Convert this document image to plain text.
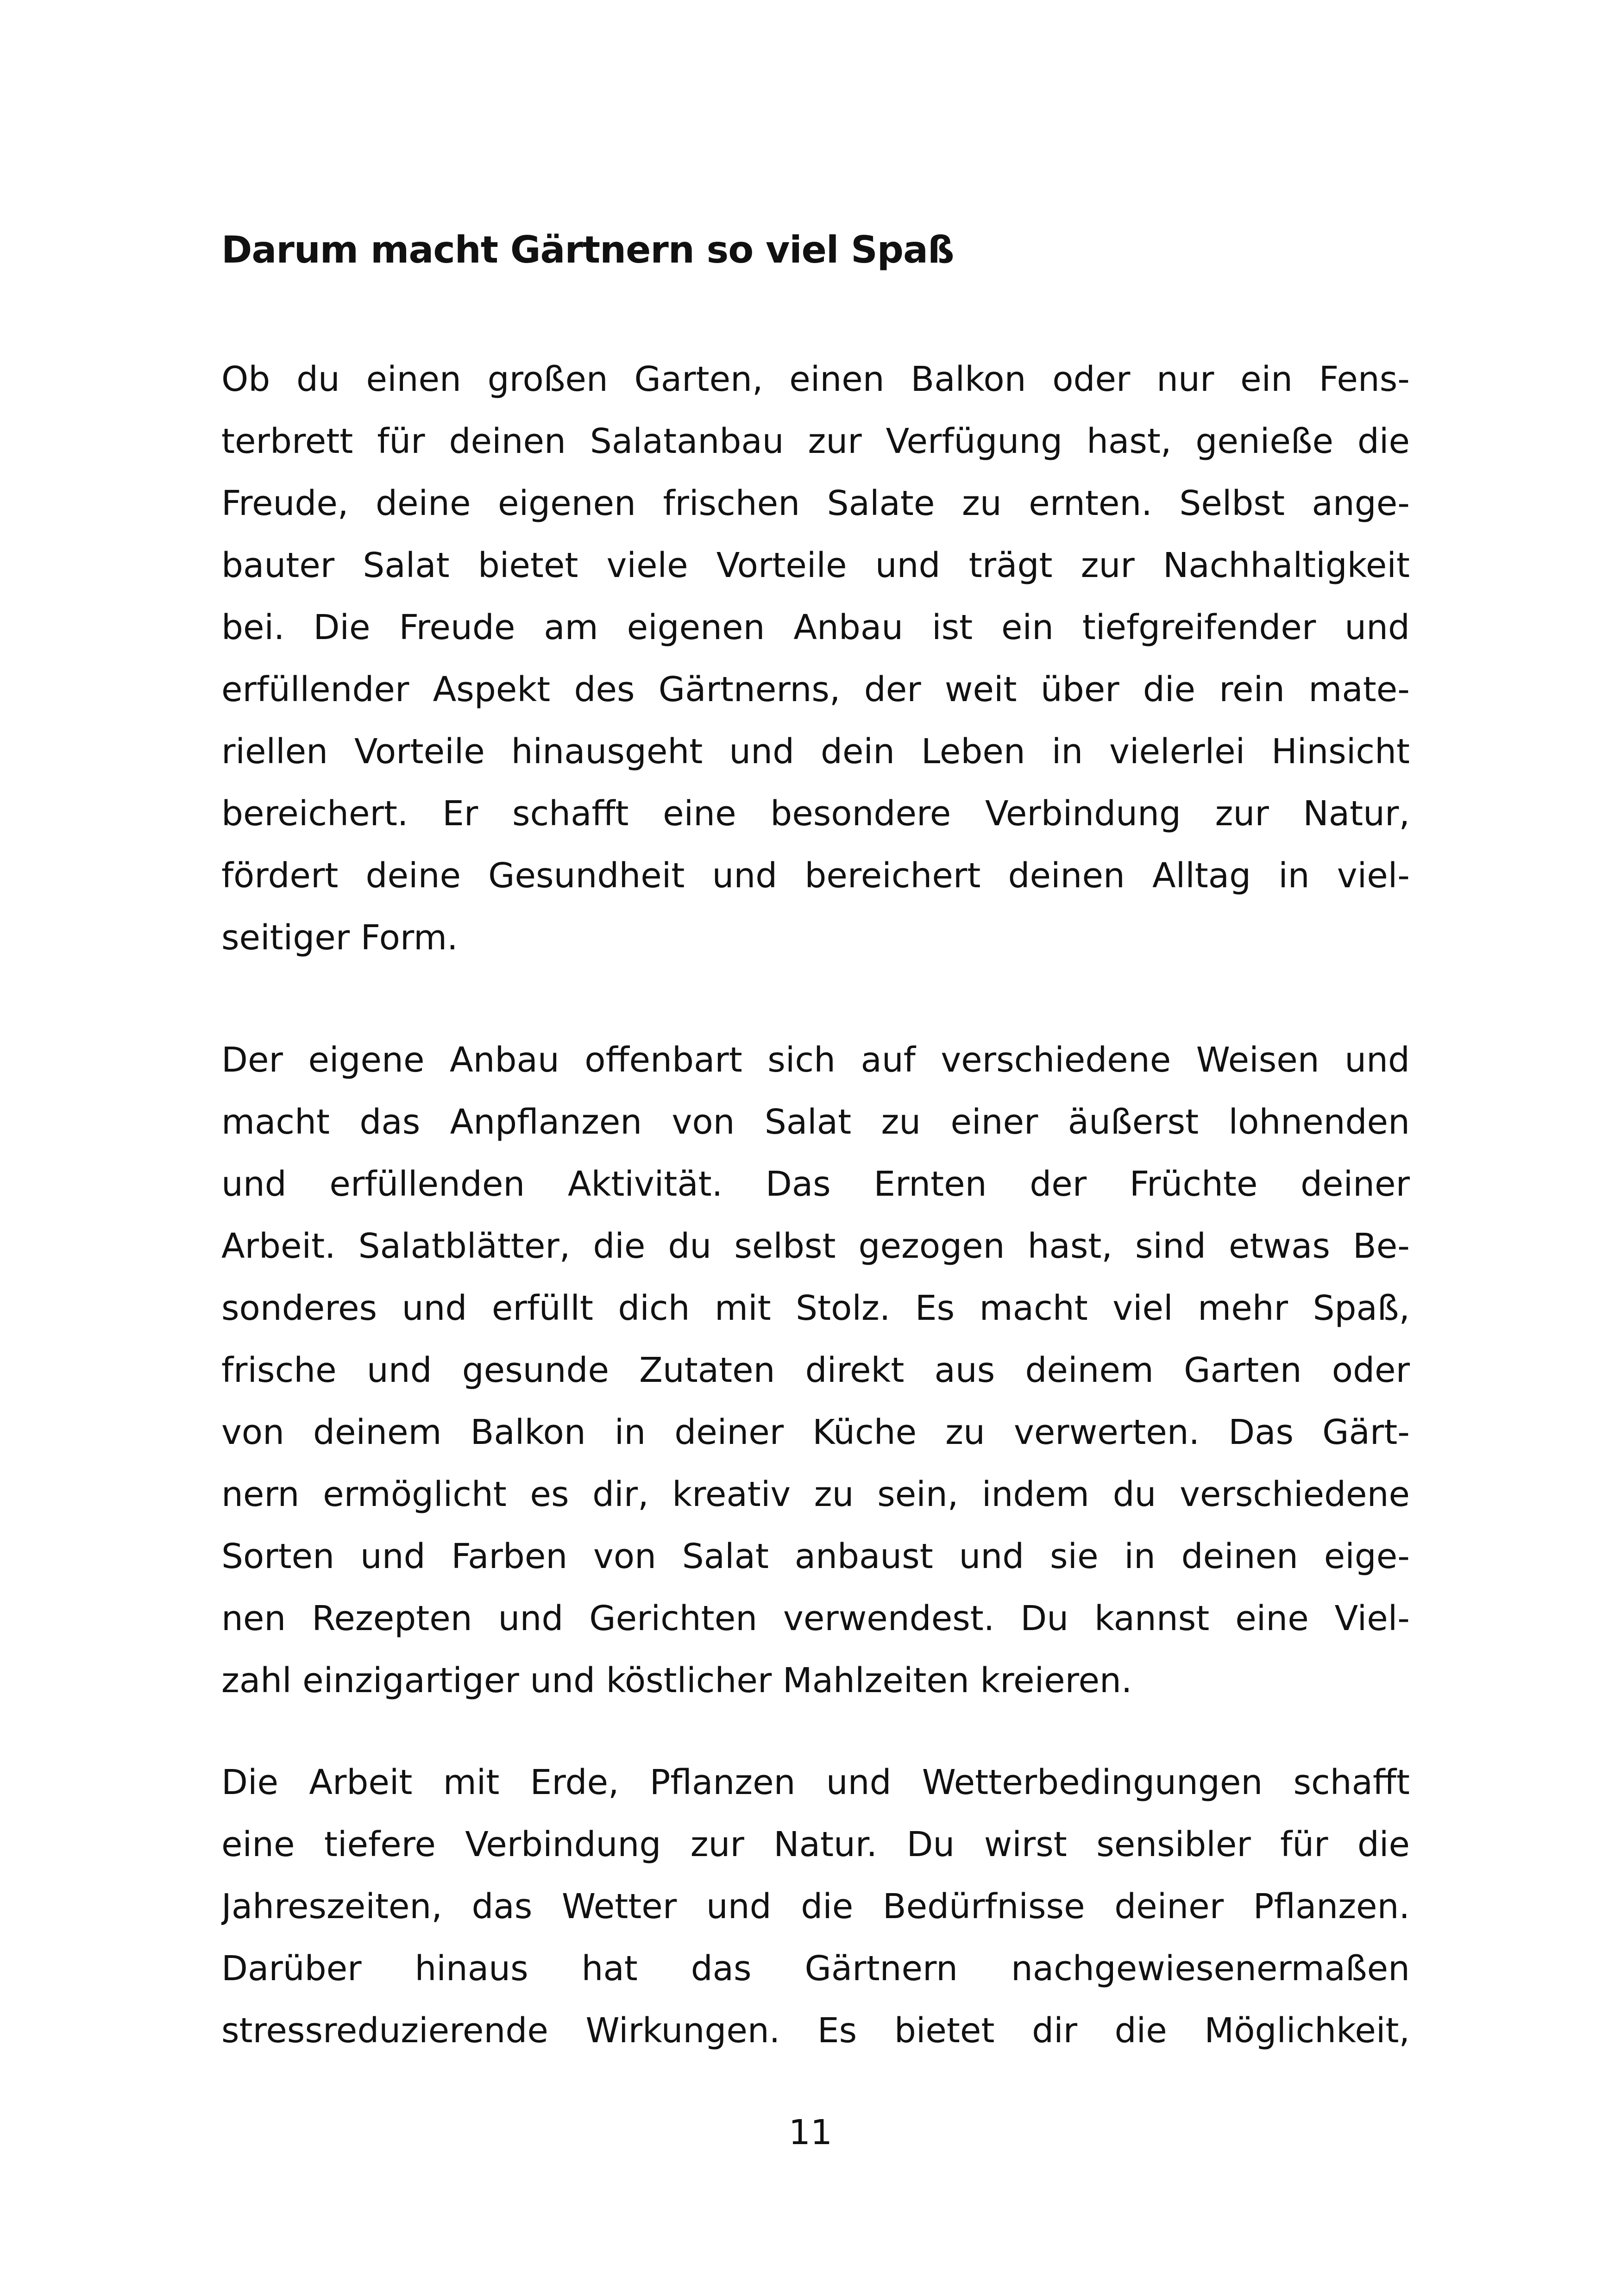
Darum macht Gärtnern so viel Spaß
Ob du einen großen Garten, einen Balkon oder nur ein Fens-
terbrett für deinen Salatanbau zur Verfügung hast, genieße die
Freude, deine eigenen frischen Salate zu ernten. Selbst ange-
bauter Salat bietet viele Vorteile und trägt zur Nachhaltigkeit
bei. Die Freude am eigenen Anbau ist ein tiefgreifender und
erfüllender Aspekt des Gärtnerns, der weit über die rein mate-
riellen Vorteile hinausgeht und dein Leben in vielerlei Hinsicht
bereichert. Er schafft eine besondere Verbindung zur Natur,
fördert deine Gesundheit und bereichert deinen Alltag in viel-
seitiger Form.
Der eigene Anbau offenbart sich auf verschiedene Weisen und
macht das Anpflanzen von Salat zu einer äußerst lohnenden
und erfüllenden Aktivität. Das Ernten der Früchte deiner
Arbeit. Salatblätter, die du selbst gezogen hast, sind etwas Be-
sonderes und erfüllt dich mit Stolz. Es macht viel mehr Spaß,
frische und gesunde Zutaten direkt aus deinem Garten oder
von deinem Balkon in deiner Küche zu verwerten. Das Gärt-
nern ermöglicht es dir, kreativ zu sein, indem du verschiedene
Sorten und Farben von Salat anbaust und sie in deinen eige-
nen Rezepten und Gerichten verwendest. Du kannst eine Viel-
zahl einzigartiger und köstlicher Mahlzeiten kreieren.
Die Arbeit mit Erde, Pflanzen und Wetterbedingungen schafft
eine tiefere Verbindung zur Natur. Du wirst sensibler für die
Jahreszeiten, das Wetter und die Bedürfnisse deiner Pflanzen.
Darüber hinaus hat das Gärtnern nachgewiesenermaßen
stressreduzierende Wirkungen. Es bietet dir die Möglichkeit,
11
